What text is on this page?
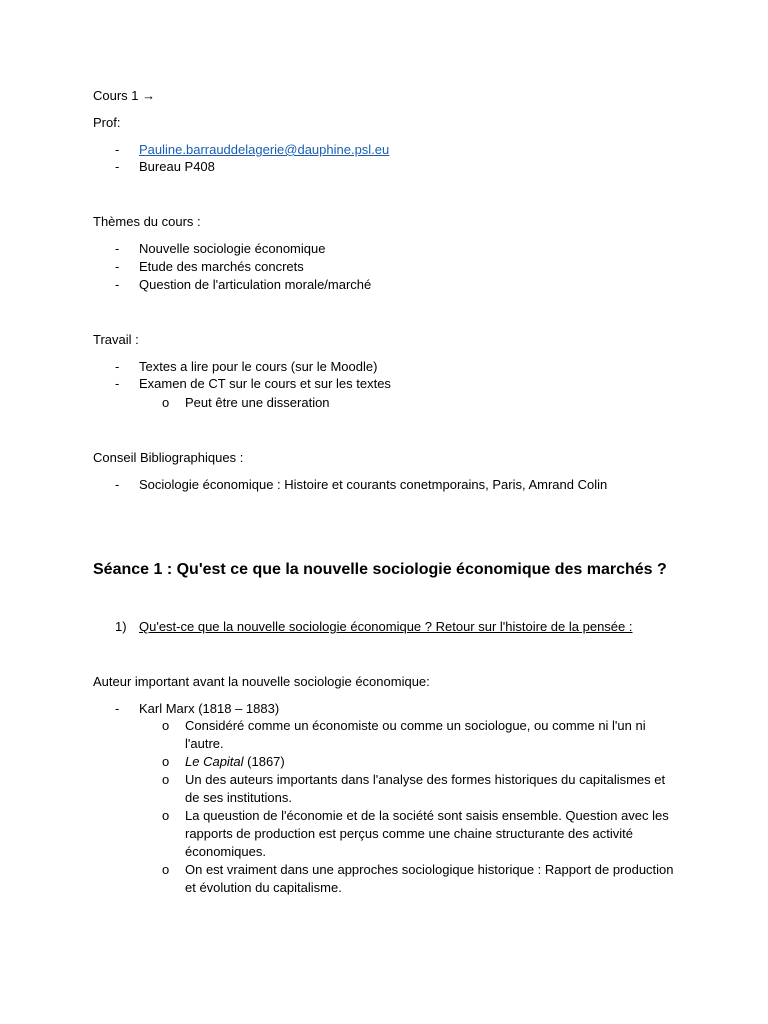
Cours 1 →
Prof:
-	Pauline.barrauddelagerie@dauphine.psl.eu
-	Bureau P408
Thèmes du cours :
-	Nouvelle sociologie économique
-	Etude des marchés concrets
-	Question de l'articulation morale/marché
Travail :
-	Textes a lire pour le cours (sur le Moodle)
-	Examen de CT sur le cours et sur les textes
o	Peut être une disseration
Conseil Bibliographiques :
-	Sociologie économique : Histoire et courants conetmporains, Paris, Amrand Colin
Séance 1 : Qu'est ce que la nouvelle sociologie économique des marchés ?
1) Qu'est-ce que la nouvelle sociologie économique ? Retour sur l'histoire de la pensée :
Auteur important avant la nouvelle sociologie économique:
-	Karl Marx (1818 – 1883)
o	Considéré comme un économiste ou comme un sociologue, ou comme ni l'un ni l'autre.
o	Le Capital (1867)
o	Un des auteurs importants dans l'analyse des formes historiques du capitalismes et de ses institutions.
o	La queustion de l'économie et de la société sont saisis ensemble. Question avec les rapports de production est perçus comme une chaine structurante des activité économiques.
o	On est vraiment dans une approches sociologique historique : Rapport de production et évolution du capitalisme.
